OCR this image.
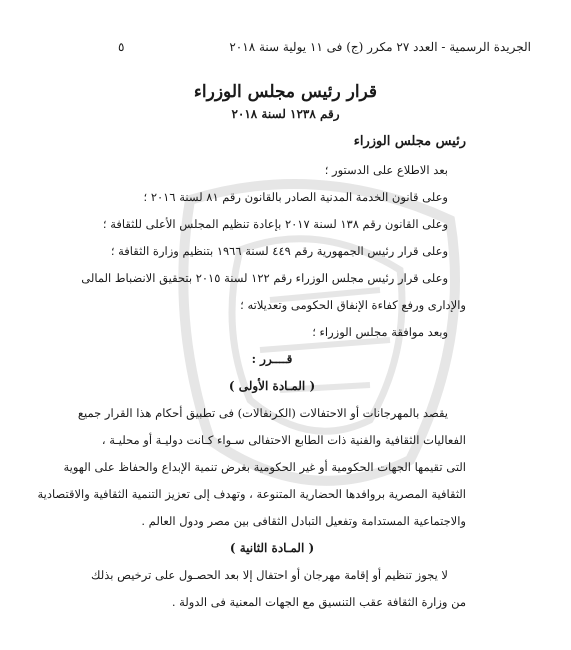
الجريدة الرسمية - العدد ٢٧ مكرر (ج) فى ١١ يولية سنة ٢٠١٨
٥
قرار رئيس مجلس الوزراء
رقم ١٢٣٨ لسنة ٢٠١٨
رئيس مجلس الوزراء
بعد الاطلاع على الدستور ؛
وعلى قانون الخدمة المدنية الصادر بالقانون رقم ٨١ لسنة ٢٠١٦ ؛
وعلى القانون رقم ١٣٨ لسنة ٢٠١٧ بإعادة تنظيم المجلس الأعلى للثقافة ؛
وعلى قرار رئيس الجمهورية رقم ٤٤٩ لسنة ١٩٦٦ بتنظيم وزارة الثقافة ؛
وعلى قرار رئيس مجلس الوزراء رقم ١٢٢ لسنة ٢٠١٥ بتحقيق الانضباط المالى
والإدارى ورفع كفاءة الإنفاق الحكومى وتعديلاته ؛
وبعد موافقة مجلس الوزراء ؛
قــــرر :
( المـادة الأولى )
يقصد بالمهرجانات أو الاحتفالات (الكرنفالات) فى تطبيق أحكام هذا القرار جميع
الفعاليات الثقافية والفنية ذات الطابع الاحتفالى سـواء كـانت دوليـة أو محليـة ،
التى تقيمها الجهات الحكومية أو غير الحكومية بغرض تنمية الإبداع والحفاظ على الهوية
الثقافية المصرية بروافدها الحضارية المتنوعة ، وتهدف إلى تعزيز التنمية الثقافية والاقتصادية
والاجتماعية المستدامة وتفعيل التبادل الثقافى بين مصر ودول العالم .
( المـادة الثانية )
لا يجوز تنظيم أو إقامة مهرجان أو احتفال إلا بعد الحصـول على ترخيص بذلك
من وزارة الثقافة عقب التنسيق مع الجهات المعنية فى الدولة .
